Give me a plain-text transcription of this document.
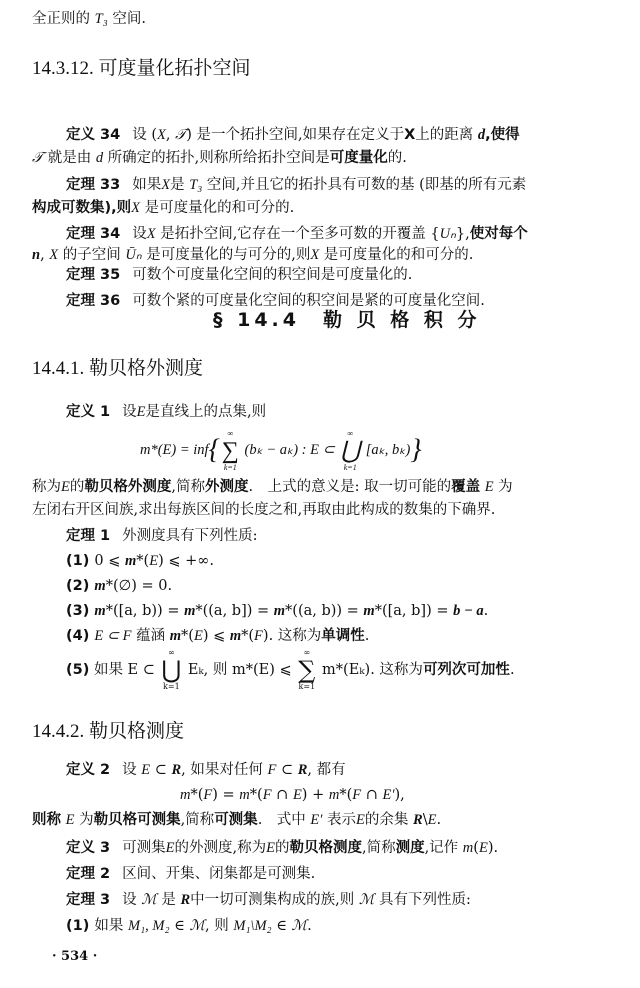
全正则的 T₃ 空间.
14.3.12. 可度量化拓扑空间
定义 34 设 (X, 𝒯) 是一个拓扑空间,如果存在定义于X上的距离 d,使得
𝒯 就是由 d 所确定的拓扑,则称所给拓扑空间是可度量化的.
定理 33 如果X是 T₃ 空间,并且它的拓扑具有可数的基 (即基的所有元素
构成可数集),则X 是可度量化的和可分的.
定理 34 设X 是拓扑空间,它存在一个至多可数的开覆盖 {Uₙ},使对每个
n, X 的子空间 Ūₙ 是可度量化的与可分的,则X 是可度量化的和可分的.
定理 35 可数个可度量化空间的积空间是可度量化的.
定理 36 可数个紧的可度量化空间的积空间是紧的可度量化空间.
§ 14.4　勒 贝 格 积 分
14.4.1. 勒贝格外测度
定义 1 设E是直线上的点集,则
m*(E) = inf{
∞
∑
k=1
(bₖ − aₖ) : E ⊂
∞
⋃
k=1
[aₖ, bₖ)}
称为E的勒贝格外测度,简称外测度.　上式的意义是: 取一切可能的覆盖 E 为
左闭右开区间族,求出每族区间的长度之和,再取由此构成的数集的下确界.
定理 1 外测度具有下列性质:
(1) 0 ⩽ m*(E) ⩽ +∞.
(2) m*(∅) = 0.
(3) m*([a, b)) = m*((a, b]) = m*((a, b)) = m*([a, b]) = b − a.
(4) E ⊂ F 蕴涵 m*(E) ⩽ m*(F). 这称为单调性.
(5) 如果 E ⊂
∞
⋃
k=1
Eₖ, 则 m*(E) ⩽
∞
∑
k=1
m*(Eₖ). 这称为可列次可加性.
14.4.2. 勒贝格测度
定义 2 设 E ⊂ R, 如果对任何 F ⊂ R, 都有
m*(F) = m*(F ∩ E) + m*(F ∩ E′),
则称 E 为勒贝格可测集,简称可测集.　式中 E′ 表示E的余集 R\E.
定义 3 可测集E的外测度,称为E的勒贝格测度,简称测度,记作 m(E).
定理 2 区间、开集、闭集都是可测集.
定理 3 设 ℳ 是 R中一切可测集构成的族,则 ℳ 具有下列性质:
(1) 如果 M₁, M₂ ∈ ℳ, 则 M₁\M₂ ∈ ℳ.
· 534 ·
